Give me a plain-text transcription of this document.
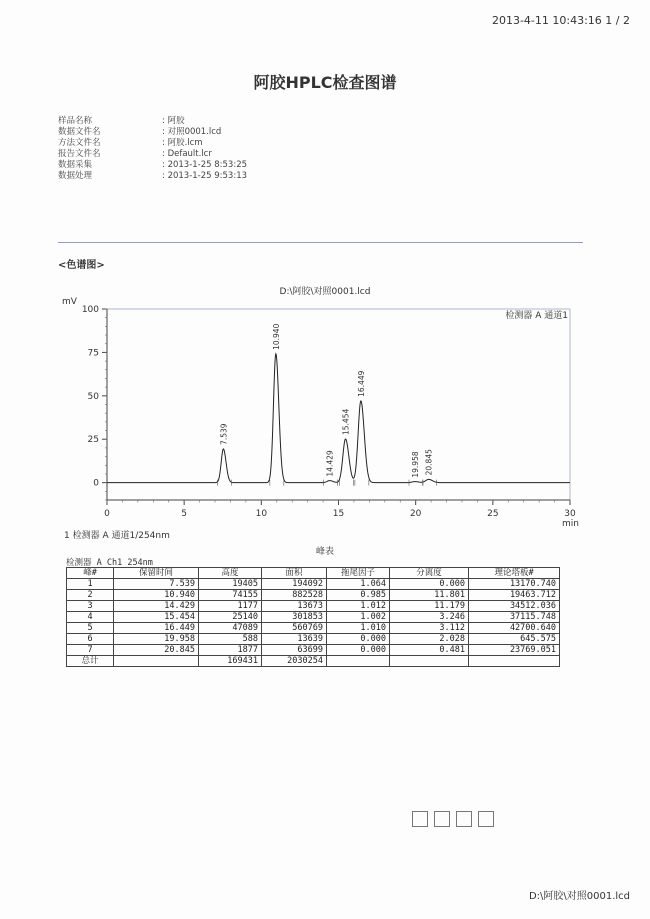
2013-4-11 10:43:16 1 / 2
阿胶HPLC检查图谱
样品名称	: 阿胶
数据文件名	: 对照0001.lcd
方法文件名	: 阿胶.lcm
报告文件名	: Default.lcr
数据采集	: 2013-1-25 8:53:25
数据处理	: 2013-1-25 9:53:13
<色谱图>
D:\阿胶\对照0001.lcd
0
25
50
75
100
0	5	10	15	20	25	30
mV
min
检测器 A 通道1
7.539
10.940
14.429
15.454
16.449
19.958 20.845
1 检测器 A 通道1/254nm
峰表
检测器 A Ch1 254nm
峰#	保留时间	高度	面积	拖尾因子	分离度	理论塔板#
1	7.539	19405	194092	1.064	0.000	13170.740
2	10.940	74155	882528	0.985	11.801	19463.712
3	14.429	1177	13673	1.012	11.179	34512.036
4	15.454	25140	301853	1.002	3.246	37115.748
5	16.449	47089	560769	1.010	3.112	42700.640
6	19.958	588	13639	0.000	2.028	645.575
7	20.845	1877	63699	0.000	0.481	23769.051
总计		169431	2030254			
D:\阿胶\对照0001.lcd
